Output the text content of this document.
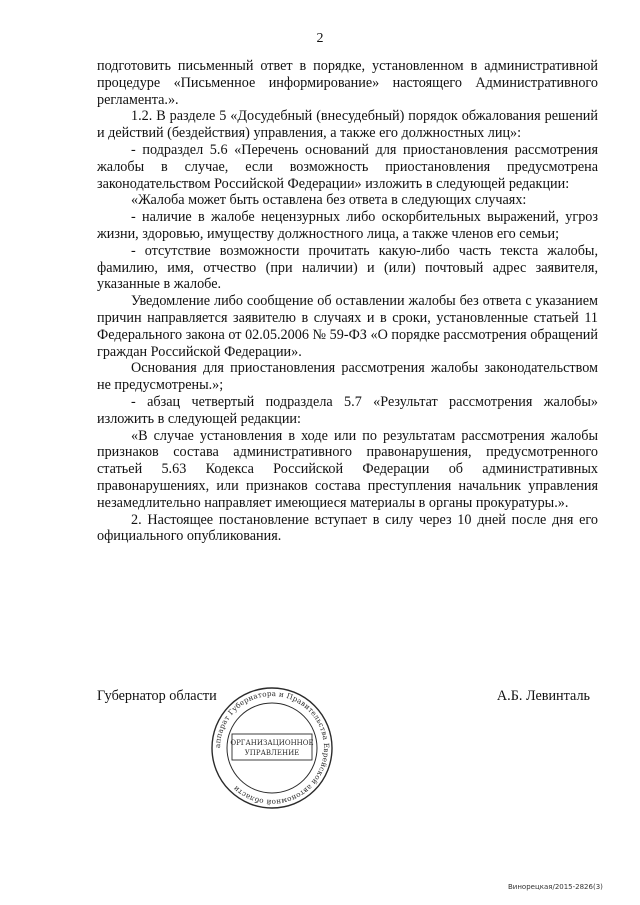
2

подготовить письменный ответ в порядке, установленном в административной процедуре «Письменное информирование» настоящего Административного регламента.».

1.2. В разделе 5 «Досудебный (внесудебный) порядок обжалования решений и действий (бездействия) управления, а также его должностных лиц»:

- подраздел 5.6 «Перечень оснований для приостановления рассмотрения жалобы в случае, если возможность приостановления предусмотрена законодательством Российской Федерации» изложить в следующей редакции:

«Жалоба может быть оставлена без ответа в следующих случаях:

- наличие в жалобе нецензурных либо оскорбительных выражений, угроз жизни, здоровью, имуществу должностного лица, а также членов его семьи;

- отсутствие возможности прочитать какую-либо часть текста жалобы, фамилию, имя, отчество (при наличии) и (или) почтовый адрес заявителя, указанные в жалобе.

Уведомление либо сообщение об оставлении жалобы без ответа с указанием причин направляется заявителю в случаях и в сроки, установленные статьей 11 Федерального закона от 02.05.2006 № 59-ФЗ «О порядке рассмотрения обращений граждан Российской Федерации».

Основания для приостановления рассмотрения жалобы законодательством не предусмотрены.»;

- абзац четвертый подраздела 5.7 «Результат рассмотрения жалобы» изложить в следующей редакции:

«В случае установления в ходе или по результатам рассмотрения жалобы признаков состава административного правонарушения, предусмотренного статьей 5.63 Кодекса Российской Федерации об административных правонарушениях, или признаков состава преступления начальник управления незамедлительно направляет имеющиеся материалы в органы прокуратуры.».

2. Настоящее постановление вступает в силу через 10 дней после дня его официального опубликования.

Губернатор области	А.Б. Левинталь
аппарат Губернатора и Правительства Еврейской автономной области
ОРГАНИЗАЦИОННОЕ
УПРАВЛЕНИЕ
Винорецкая/2015-2826(3)
